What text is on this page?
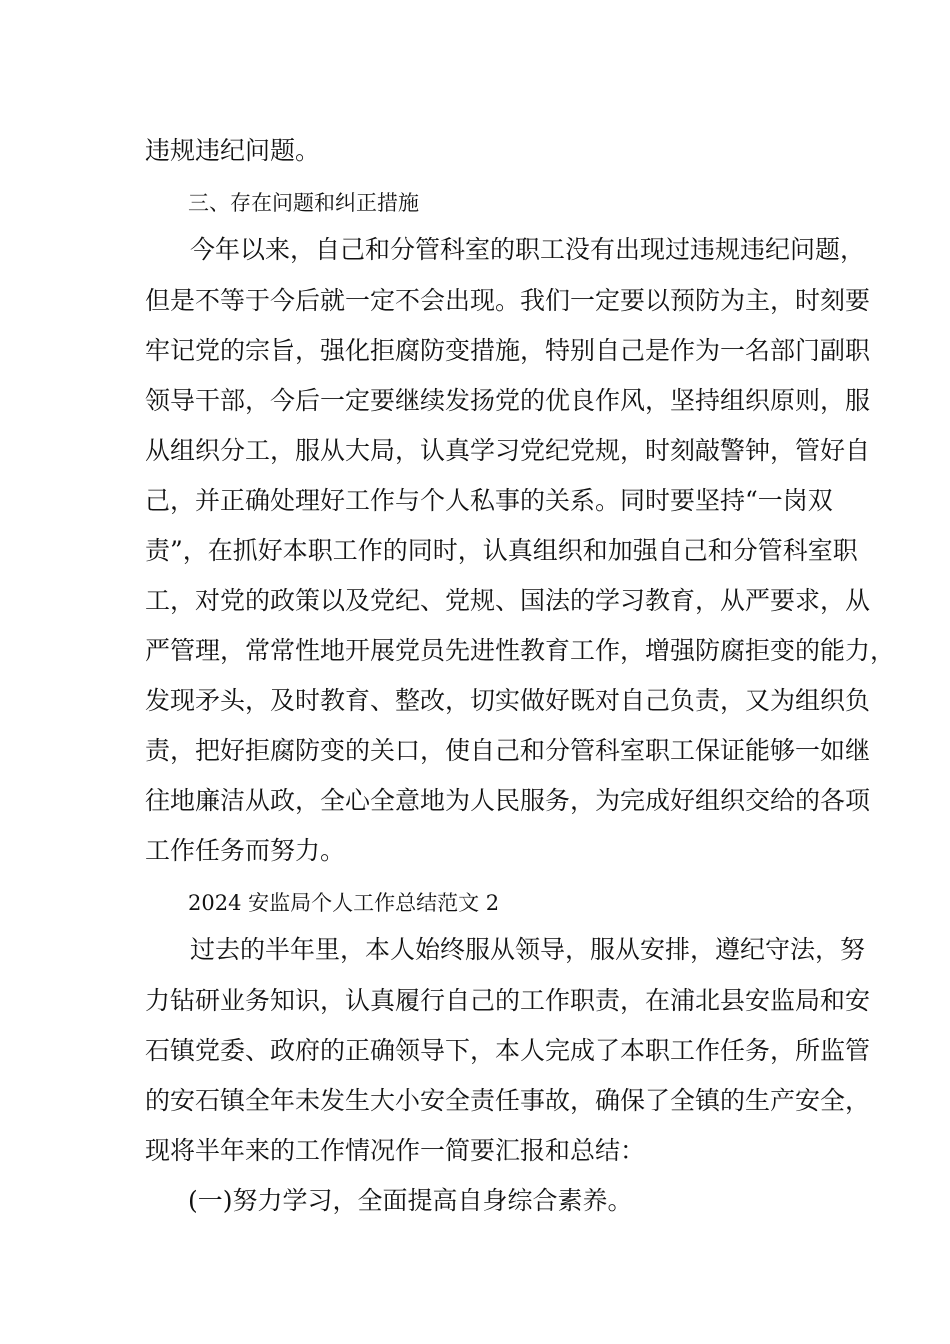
违规违纪问题。
三、存在问题和纠正措施
今年以来，自己和分管科室的职工没有出现过违规违纪问题，
但是不等于今后就一定不会出现。我们一定要以预防为主，时刻要
牢记党的宗旨，强化拒腐防变措施，特别自己是作为一名部门副职
领导干部，今后一定要继续发扬党的优良作风，坚持组织原则，服
从组织分工，服从大局，认真学习党纪党规，时刻敲警钟，管好自
己，并正确处理好工作与个人私事的关系。同时要坚持“一岗双
责”，在抓好本职工作的同时，认真组织和加强自己和分管科室职
工，对党的政策以及党纪、党规、国法的学习教育，从严要求，从
严管理，常常性地开展党员先进性教育工作，增强防腐拒变的能力，
发现矛头，及时教育、整改，切实做好既对自己负责，又为组织负
责，把好拒腐防变的关口，使自己和分管科室职工保证能够一如继
往地廉洁从政，全心全意地为人民服务，为完成好组织交给的各项
工作任务而努力。
2024 安监局个人工作总结范文 2
过去的半年里，本人始终服从领导，服从安排，遵纪守法，努
力钻研业务知识，认真履行自己的工作职责，在浦北县安监局和安
石镇党委、政府的正确领导下，本人完成了本职工作任务，所监管
的安石镇全年未发生大小安全责任事故，确保了全镇的生产安全，
现将半年来的工作情况作一简要汇报和总结：
(一)努力学习，全面提高自身综合素养。
